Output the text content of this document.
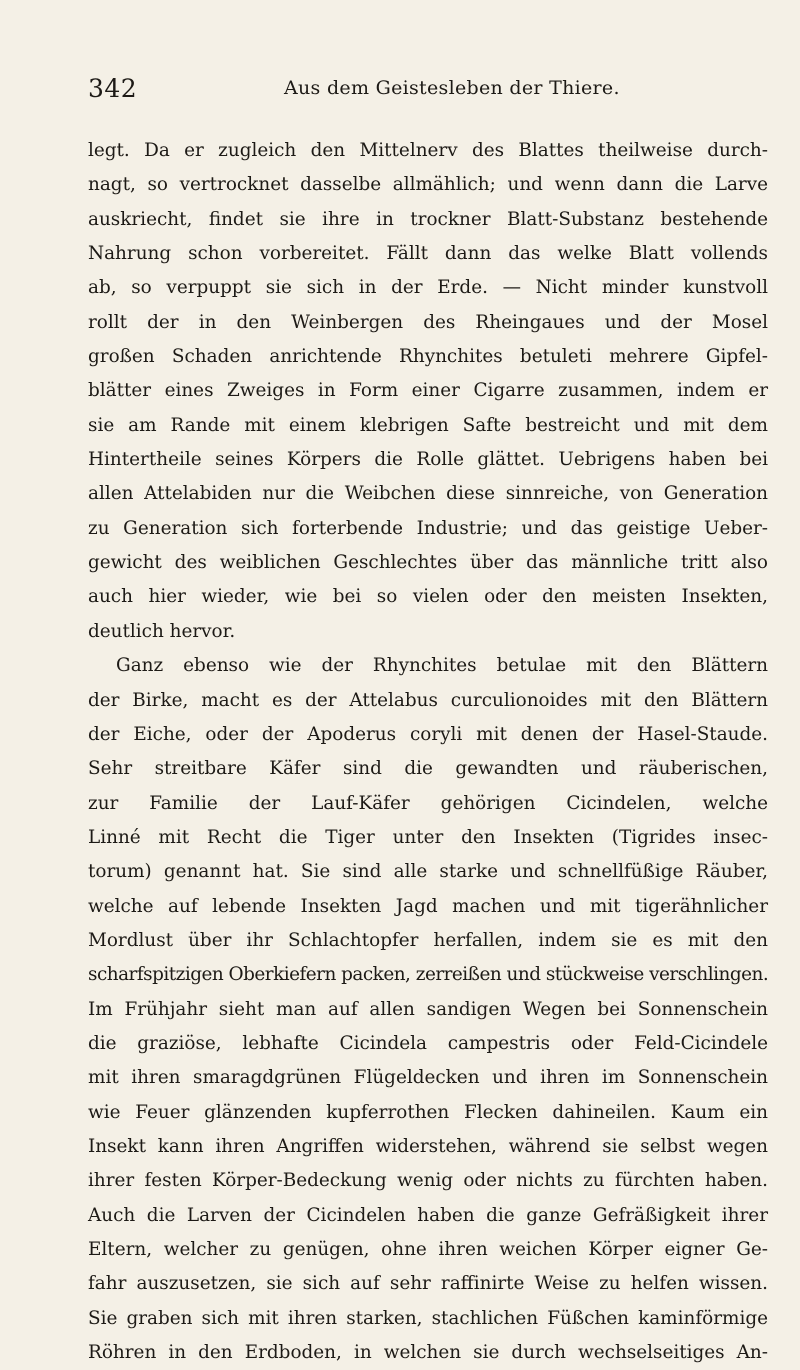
342	Aus dem Geistesleben der Thiere.
legt. Da er zugleich den Mittelnerv des Blattes theilweise durch-
nagt, so vertrocknet dasselbe allmählich; und wenn dann die Larve
auskriecht, findet sie ihre in trockner Blatt-Substanz bestehende
Nahrung schon vorbereitet. Fällt dann das welke Blatt vollends
ab, so verpuppt sie sich in der Erde. — Nicht minder kunstvoll
rollt der in den Weinbergen des Rheingaues und der Mosel
großen Schaden anrichtende Rhynchites betuleti mehrere Gipfel-
blätter eines Zweiges in Form einer Cigarre zusammen, indem er
sie am Rande mit einem klebrigen Safte bestreicht und mit dem
Hintertheile seines Körpers die Rolle glättet. Uebrigens haben bei
allen Attelabiden nur die Weibchen diese sinnreiche, von Generation
zu Generation sich forterbende Industrie; und das geistige Ueber-
gewicht des weiblichen Geschlechtes über das männliche tritt also
auch hier wieder, wie bei so vielen oder den meisten Insekten,
deutlich hervor.
Ganz ebenso wie der Rhynchites betulae mit den Blättern
der Birke, macht es der Attelabus curculionoides mit den Blättern
der Eiche, oder der Apoderus coryli mit denen der Hasel-Staude.
Sehr streitbare Käfer sind die gewandten und räuberischen,
zur Familie der Lauf-Käfer gehörigen Cicindelen, welche
Linné mit Recht die Tiger unter den Insekten (Tigrides insec-
torum) genannt hat. Sie sind alle starke und schnellfüßige Räuber,
welche auf lebende Insekten Jagd machen und mit tigerähnlicher
Mordlust über ihr Schlachtopfer herfallen, indem sie es mit den
scharfspitzigen Oberkiefern packen, zerreißen und stückweise verschlingen.
Im Frühjahr sieht man auf allen sandigen Wegen bei Sonnenschein
die graziöse, lebhafte Cicindela campestris oder Feld-Cicindele
mit ihren smaragdgrünen Flügeldecken und ihren im Sonnenschein
wie Feuer glänzenden kupferrothen Flecken dahineilen. Kaum ein
Insekt kann ihren Angriffen widerstehen, während sie selbst wegen
ihrer festen Körper-Bedeckung wenig oder nichts zu fürchten haben.
Auch die Larven der Cicindelen haben die ganze Gefräßigkeit ihrer
Eltern, welcher zu genügen, ohne ihren weichen Körper eigner Ge-
fahr auszusetzen, sie sich auf sehr raffinirte Weise zu helfen wissen.
Sie graben sich mit ihren starken, stachlichen Füßchen kaminförmige
Röhren in den Erdboden, in welchen sie durch wechselseitiges An-
